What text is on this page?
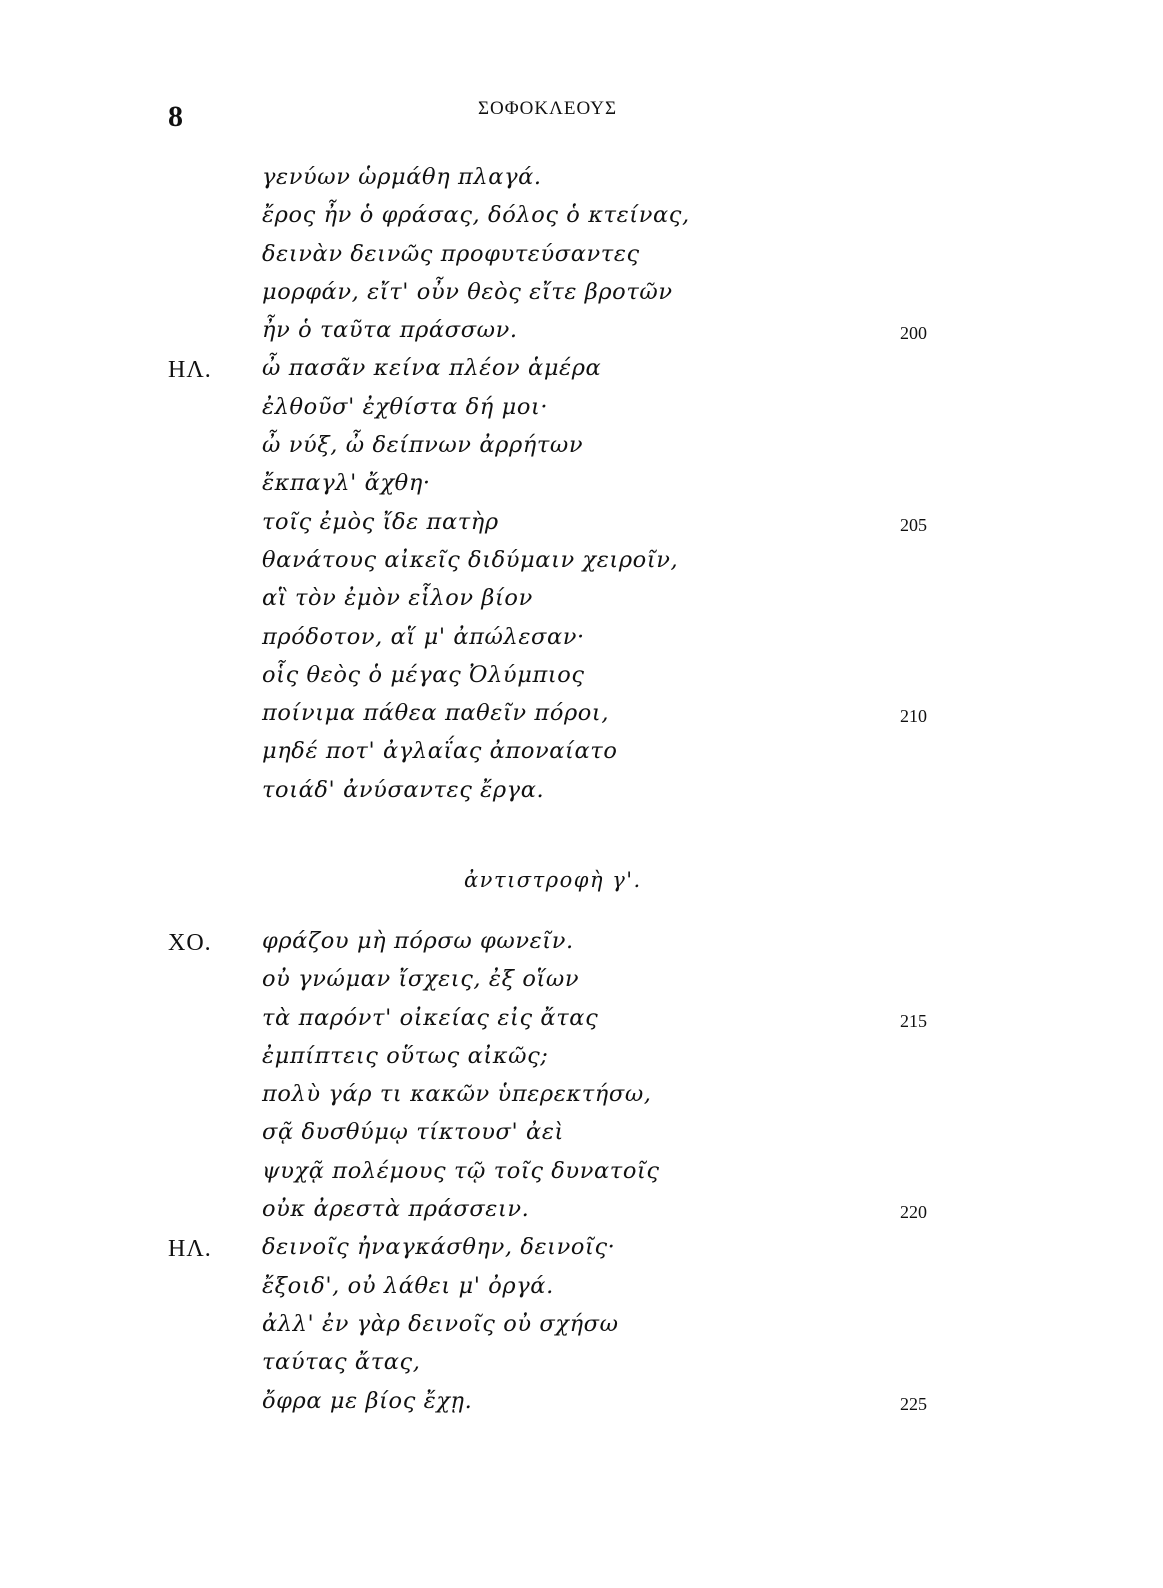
8	ΣΟΦΟΚΛΕΟΥΣ
γενύων ὡρμάθη πλαγά.
ἔρος ἦν ὁ φράσας, δόλος ὁ κτείνας,
δεινὰν δεινῶς προφυτεύσαντες
μορφάν, εἴτ' οὖν θεὸς εἴτε βροτῶν
ἦν ὁ ταῦτα πράσσων.	200
ΗΛ. ὦ πασᾶν κείνα πλέον ἁμέρα
ἐλθοῦσ' ἐχθίστα δή μοι·
ὦ νύξ, ὦ δείπνων ἀρρήτων
ἔκπαγλ' ἄχθη·
τοῖς ἐμὸς ἴδε πατὴρ	205
θανάτους αἰκεῖς διδύμαιν χειροῖν,
αἳ τὸν ἐμὸν εἷλον βίον
πρόδοτον, αἵ μ' ἀπώλεσαν·
οἷς θεὸς ὁ μέγας Ὀλύμπιος
ποίνιμα πάθεα παθεῖν πόροι,	210
μηδέ ποτ' ἀγλαΐας ἀποναίατο
τοιάδ' ἀνύσαντες ἔργα.
ἀντιστροφὴ γ'.
ΧΟ. φράζου μὴ πόρσω φωνεῖν.
οὐ γνώμαν ἴσχεις, ἐξ οἵων
τὰ παρόντ' οἰκείας εἰς ἄτας	215
ἐμπίπτεις οὕτως αἰκῶς;
πολὺ γάρ τι κακῶν ὑπερεκτήσω,
σᾷ δυσθύμῳ τίκτουσ' ἀεὶ
ψυχᾷ πολέμους τῷ τοῖς δυνατοῖς
οὐκ ἀρεστὰ πράσσειν.	220
ΗΛ. δεινοῖς ἠναγκάσθην, δεινοῖς·
ἔξοιδ', οὐ λάθει μ' ὀργά.
ἀλλ' ἐν γὰρ δεινοῖς οὐ σχήσω
ταύτας ἄτας,
ὄφρα με βίος ἔχῃ.	225
